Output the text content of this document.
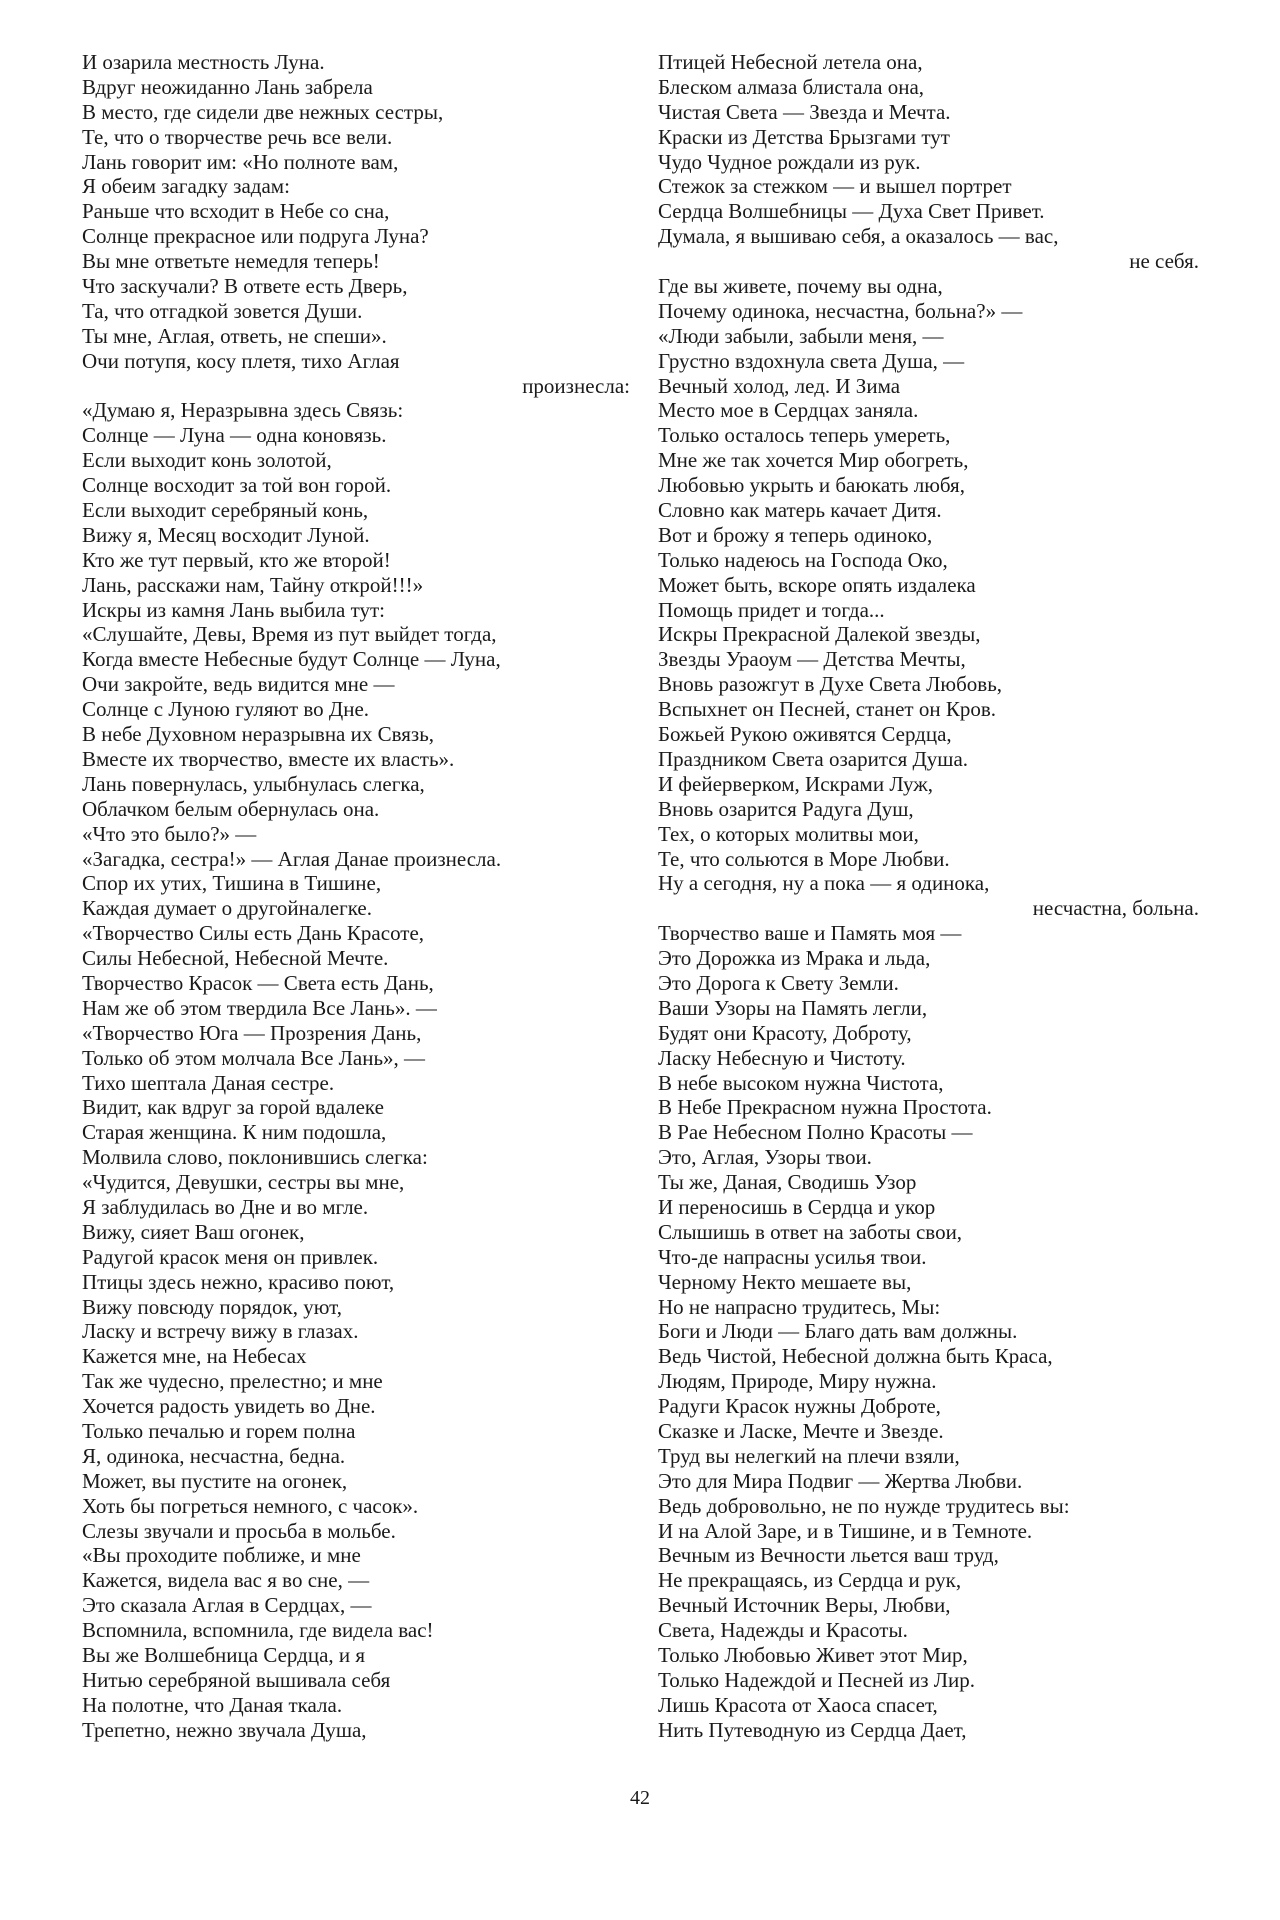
И озарила местность Луна.
Вдруг неожиданно Лань забрела
В место, где сидели две нежных сестры,
Те, что о творчестве речь все вели.
Лань говорит им: «Но полноте вам,
Я обеим загадку задам:
Раньше что всходит в Небе со сна,
Солнце прекрасное или подруга Луна?
Вы мне ответьте немедля теперь!
Что заскучали? В ответе есть Дверь,
Та, что отгадкой зовется Души.
Ты мне, Аглая, ответь, не спеши».
Очи потупя, косу плетя, тихо Аглая
произнесла:
«Думаю я, Неразрывна здесь Связь:
Солнце — Луна — одна коновязь.
Если выходит конь золотой,
Солнце восходит за той вон горой.
Если выходит серебряный конь,
Вижу я, Месяц восходит Луной.
Кто же тут первый, кто же второй!
Лань, расскажи нам, Тайну открой!!!»
Искры из камня Лань выбила тут:
«Слушайте, Девы, Время из пут выйдет тогда,
Когда вместе Небесные будут Солнце — Луна,
Очи закройте, ведь видится мне —
Солнце с Луною гуляют во Дне.
В небе Духовном неразрывна их Связь,
Вместе их творчество, вместе их власть».
Лань повернулась, улыбнулась слегка,
Облачком белым обернулась она.
«Что это было?» —
«Загадка, сестра!» — Аглая Данае произнесла.
Спор их утих, Тишина в Тишине,
Каждая думает о другойналегке.
«Творчество Силы есть Дань Красоте,
Силы Небесной, Небесной Мечте.
Творчество Красок — Света есть Дань,
Нам же об этом твердила Все Лань». —
«Творчество Юга — Прозрения Дань,
Только об этом молчала Все Лань», —
Тихо шептала Даная сестре.
Видит, как вдруг за горой вдалеке
Старая женщина. К ним подошла,
Молвила слово, поклонившись слегка:
«Чудится, Девушки, сестры вы мне,
Я заблудилась во Дне и во мгле.
Вижу, сияет Ваш огонек,
Радугой красок меня он привлек.
Птицы здесь нежно, красиво поют,
Вижу повсюду порядок, уют,
Ласку и встречу вижу в глазах.
Кажется мне, на Небесах
Так же чудесно, прелестно; и мне
Хочется радость увидеть во Дне.
Только печалью и горем полна
Я, одинока, несчастна, бедна.
Может, вы пустите на огонек,
Хоть бы погреться немного, с часок».
Слезы звучали и просьба в мольбе.
«Вы проходите поближе, и мне
Кажется, видела вас я во сне, —
Это сказала Аглая в Сердцах, —
Вспомнила, вспомнила, где видела вас!
Вы же Волшебница Сердца, и я
Нитью серебряной вышивала себя
На полотне, что Даная ткала.
Трепетно, нежно звучала Душа,
Птицей Небесной летела она,
Блеском алмаза блистала она,
Чистая Света — Звезда и Мечта.
Краски из Детства Брызгами тут
Чудо Чудное рождали из рук.
Стежок за стежком — и вышел портрет
Сердца Волшебницы — Духа Свет Привет.
Думала, я вышиваю себя, а оказалось — вас,
не себя.
Где вы живете, почему вы одна,
Почему одинока, несчастна, больна?» —
«Люди забыли, забыли меня, —
Грустно вздохнула света Душа, —
Вечный холод, лед. И Зима
Место мое в Сердцах заняла.
Только осталось теперь умереть,
Мне же так хочется Мир обогреть,
Любовью укрыть и баюкать любя,
Словно как матерь качает Дитя.
Вот и брожу я теперь одиноко,
Только надеюсь на Господа Око,
Может быть, вскоре опять издалека
Помощь придет и тогда...
Искры Прекрасной Далекой звезды,
Звезды Ураоум — Детства Мечты,
Вновь разожгут в Духе Света Любовь,
Вспыхнет он Песней, станет он Кров.
Божьей Рукою оживятся Сердца,
Праздником Света озарится Душа.
И фейерверком, Искрами Луж,
Вновь озарится Радуга Душ,
Тех, о которых молитвы мои,
Те, что сольются в Море Любви.
Ну а сегодня, ну а пока — я одинока,
несчастна, больна.
Творчество ваше и Память моя —
Это Дорожка из Мрака и льда,
Это Дорога к Свету Земли.
Ваши Узоры на Память легли,
Будят они Красоту, Доброту,
Ласку Небесную и Чистоту.
В небе высоком нужна Чистота,
В Небе Прекрасном нужна Простота.
В Рае Небесном Полно Красоты —
Это, Аглая, Узоры твои.
Ты же, Даная, Сводишь Узор
И переносишь в Сердца и укор
Слышишь в ответ на заботы свои,
Что-де напрасны усилья твои.
Черному Некто мешаете вы,
Но не напрасно трудитесь, Мы:
Боги и Люди — Благо дать вам должны.
Ведь Чистой, Небесной должна быть Краса,
Людям, Природе, Миру нужна.
Радуги Красок нужны Доброте,
Сказке и Ласке, Мечте и Звезде.
Труд вы нелегкий на плечи взяли,
Это для Мира Подвиг — Жертва Любви.
Ведь добровольно, не по нужде трудитесь вы:
И на Алой Заре, и в Тишине, и в Темноте.
Вечным из Вечности льется ваш труд,
Не прекращаясь, из Сердца и рук,
Вечный Источник Веры, Любви,
Света, Надежды и Красоты.
Только Любовью Живет этот Мир,
Только Надеждой и Песней из Лир.
Лишь Красота от Хаоса спасет,
Нить Путеводную из Сердца Дает,
42
